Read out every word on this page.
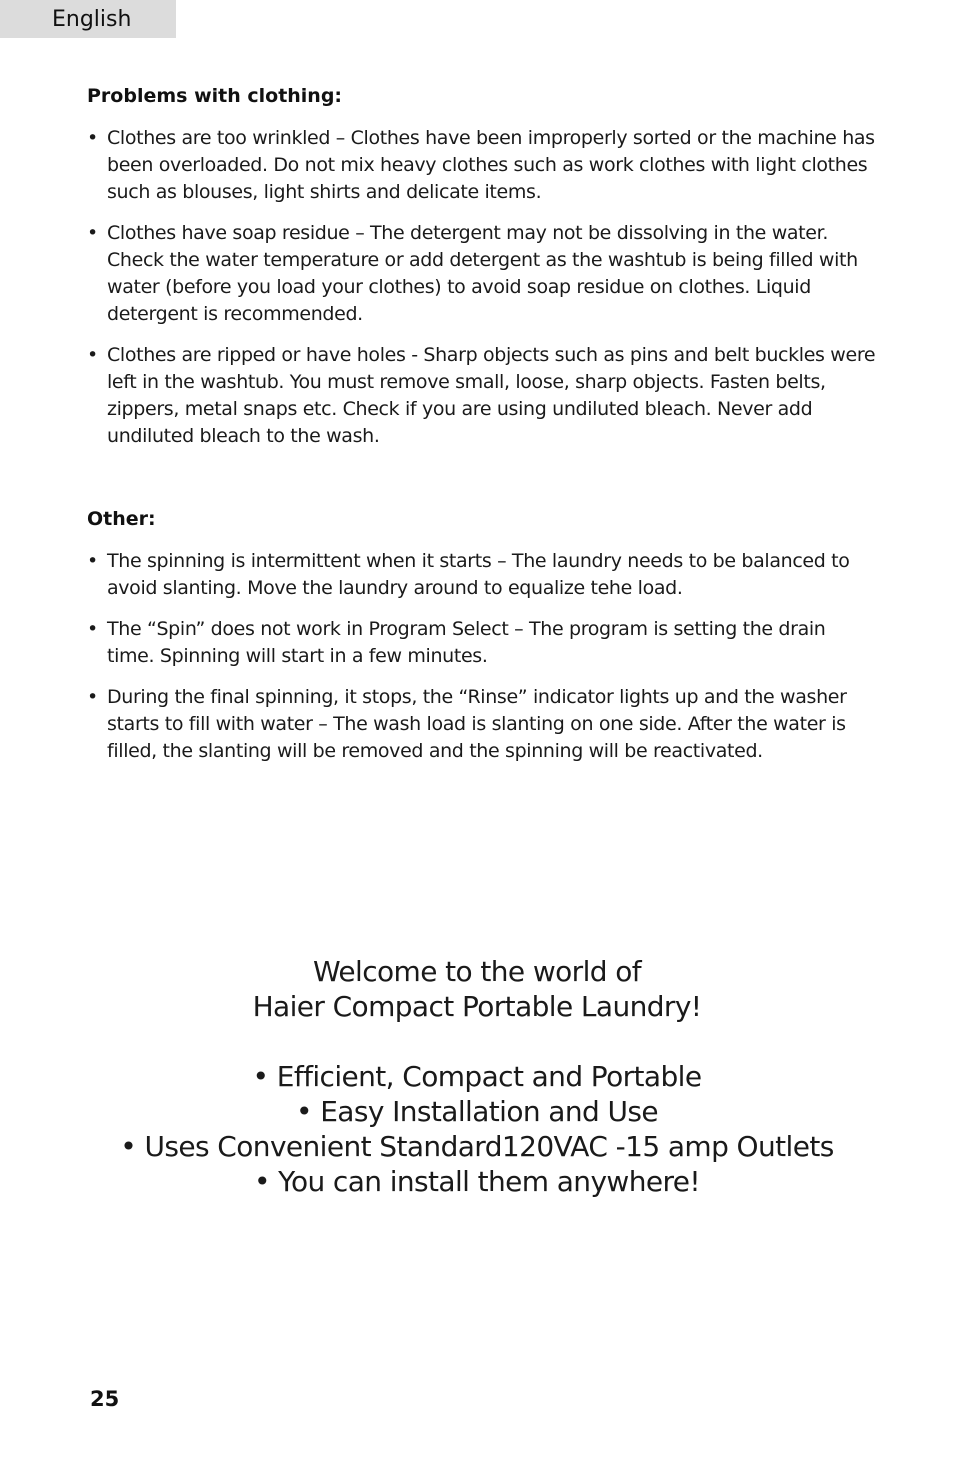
English
Problems with clothing:
• Clothes are too wrinkled – Clothes have been improperly sorted or the machine has been overloaded. Do not mix heavy clothes such as work clothes with light clothes such as blouses, light shirts and delicate items.
• Clothes have soap residue – The detergent may not be dissolving in the water. Check the water temperature or add detergent as the washtub is being filled with water (before you load your clothes) to avoid soap residue on clothes. Liquid detergent is recommended.
• Clothes are ripped or have holes - Sharp objects such as pins and belt buckles were left in the washtub. You must remove small, loose, sharp objects. Fasten belts, zippers, metal snaps etc. Check if you are using undiluted bleach. Never add undiluted bleach to the wash.
Other:
• The spinning is intermittent when it starts – The laundry needs to be balanced to avoid slanting. Move the laundry around to equalize tehe load.
• The “Spin” does not work in Program Select – The program is setting the drain time. Spinning will start in a few minutes.
• During the final spinning, it stops, the “Rinse” indicator lights up and the washer starts to fill with water – The wash load is slanting on one side. After the water is filled, the slanting will be removed and the spinning will be reactivated.
Welcome to the world of
Haier Compact Portable Laundry!
• Efficient, Compact and Portable
• Easy Installation and Use
• Uses Convenient Standard120VAC -15 amp Outlets
• You can install them anywhere!
25
